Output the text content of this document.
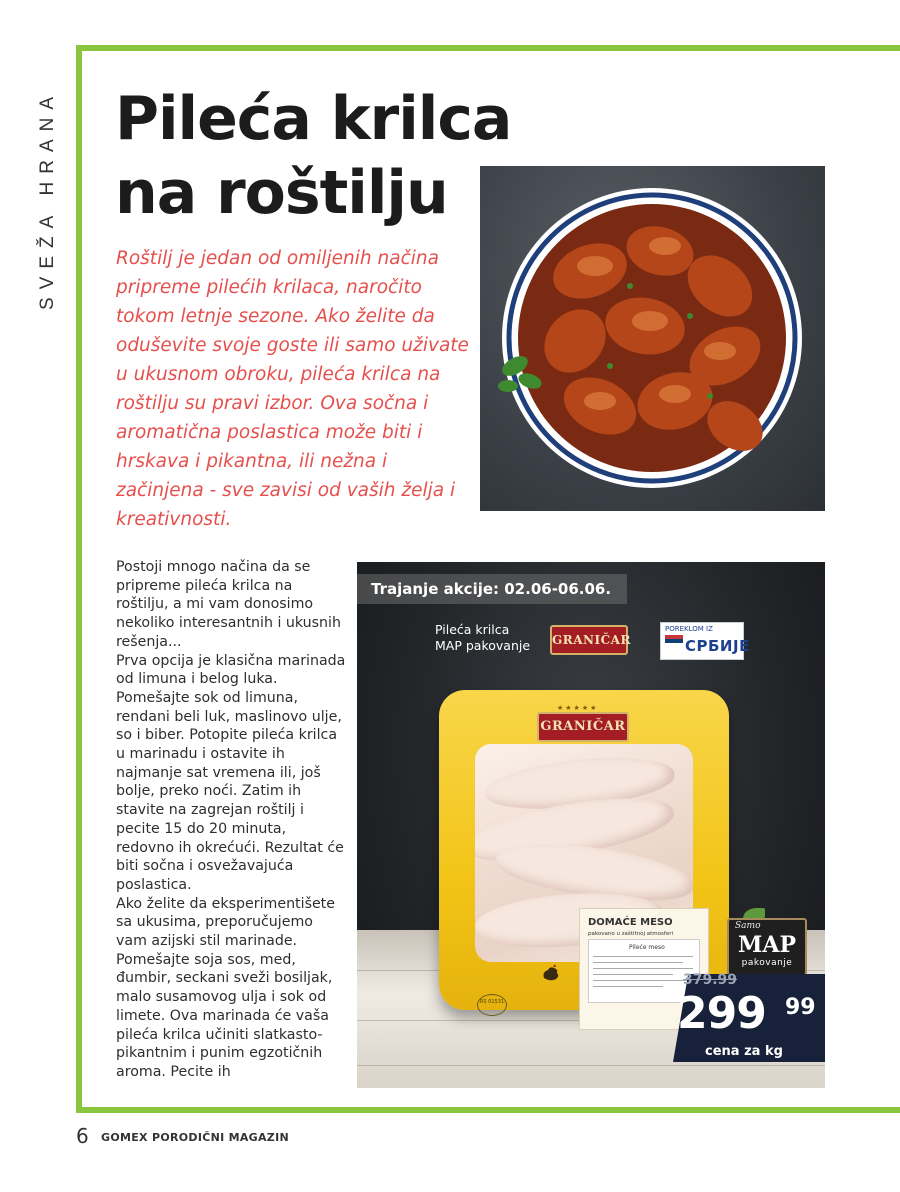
SVEŽA HRANA Pileća krilca
na roštilju

Roštilj je jedan od omiljenih načina pripreme pilećih krilaca, naročito tokom letnje sezone. Ako želite da oduševite svoje goste ili samo uživate u ukusnom obroku, pileća krilca na roštilju su pravi izbor. Ova sočna i aromatična poslastica može biti i hrskava i pikantna, ili nežna i začinjena - sve zavisi od vaših želja i kreativnosti.

Postoji mnogo načina da se pripreme pileća krilca na roštilju, a mi vam donosimo nekoliko interesantnih i ukusnih rešenja...

Prva opcija je klasična marinada od limuna i belog luka. Pomešajte sok od limuna, rendani beli luk, maslinovo ulje, so i biber. Potopite pileća krilca u marinadu i ostavite ih najmanje sat vremena ili, još bolje, preko noći. Zatim ih stavite na zagrejan roštilj i pecite 15 do 20 minuta, redovno ih okrećući. Rezultat će biti sočna i osvežavajuća poslastica.

Ako želite da eksperimentišete sa ukusima, preporučujemo vam azijski stil marinade. Pomešajte soja sos, med, đumbir, seckani sveži bosiljak, malo susamovog ulja i sok od limete. Ova marinada će vaša pileća krilca učiniti slatkasto-pikantnim i punim egzotičnih aroma. Pecite ih

Trajanje akcije: 02.06-06.06.
Pileća krilca
MAP pakovanje	GRANIČAR
POREKLOM IZ
СРБИЈЕ
★★★★★
GRANIČAR
RS 01531
DOMAĆE MESO
pakovano u zaštitnoj atmosferi
Pileće meso
Samo
MAP
pakovanje
379.99
299 99
cena za kg
6 GOMEX PORODIČNI MAGAZIN
